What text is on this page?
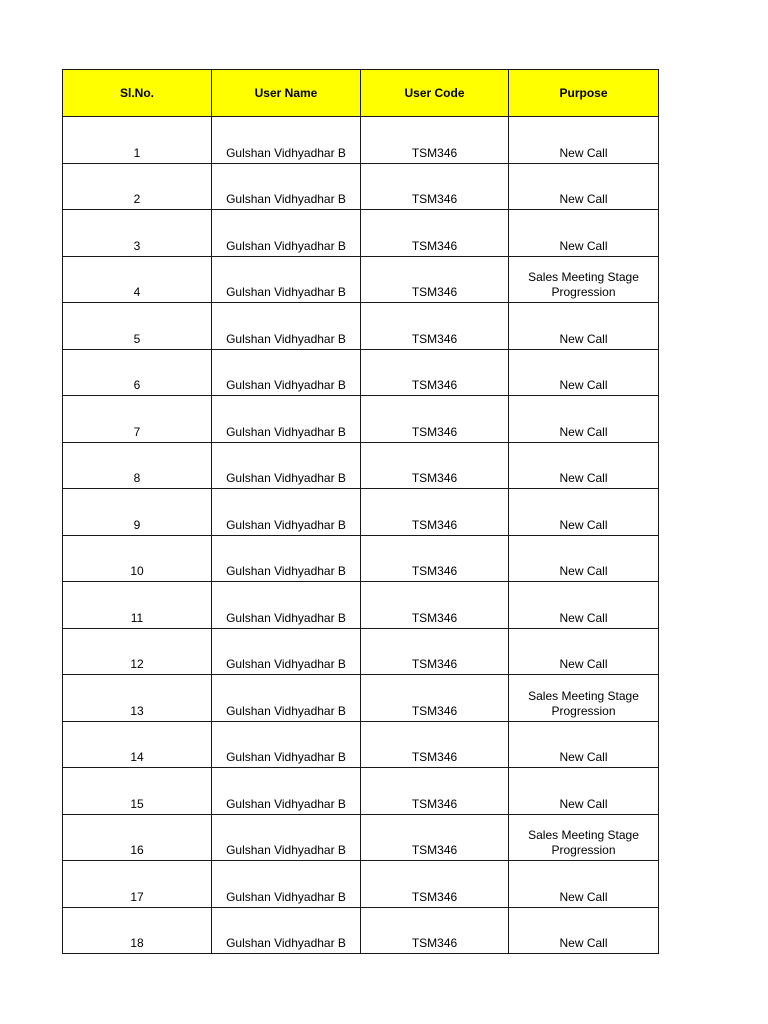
Sl.No.	User Name	User Code	Purpose
1	Gulshan Vidhyadhar B	TSM346	New Call
2	Gulshan Vidhyadhar B	TSM346	New Call
3	Gulshan Vidhyadhar B	TSM346	New Call
4	Gulshan Vidhyadhar B	TSM346	Sales Meeting Stage Progression
5	Gulshan Vidhyadhar B	TSM346	New Call
6	Gulshan Vidhyadhar B	TSM346	New Call
7	Gulshan Vidhyadhar B	TSM346	New Call
8	Gulshan Vidhyadhar B	TSM346	New Call
9	Gulshan Vidhyadhar B	TSM346	New Call
10	Gulshan Vidhyadhar B	TSM346	New Call
11	Gulshan Vidhyadhar B	TSM346	New Call
12	Gulshan Vidhyadhar B	TSM346	New Call
13	Gulshan Vidhyadhar B	TSM346	Sales Meeting Stage Progression
14	Gulshan Vidhyadhar B	TSM346	New Call
15	Gulshan Vidhyadhar B	TSM346	New Call
16	Gulshan Vidhyadhar B	TSM346	Sales Meeting Stage Progression
17	Gulshan Vidhyadhar B	TSM346	New Call
18	Gulshan Vidhyadhar B	TSM346	New Call
